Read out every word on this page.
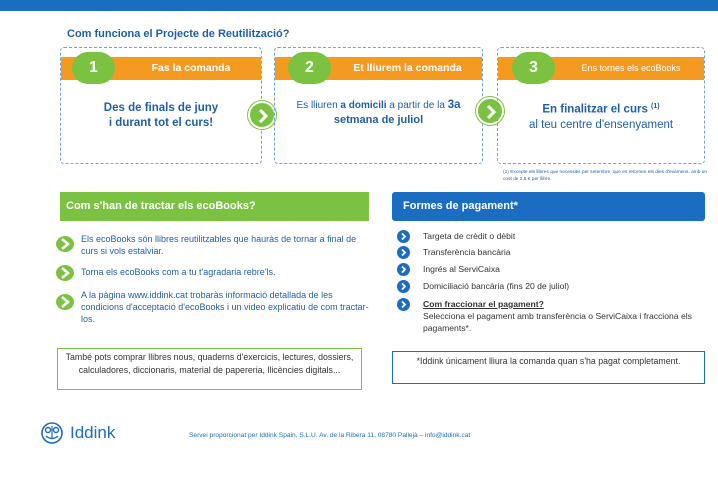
Com funciona el Projecte de Reutilització?
Fas la comanda
1
Des de finals de juny
i durant tot el curs!
Et lliurem la comanda
2
Es lliuren a domicili a partir de la 3a
setmana de juliol
Ens tornes els ecoBooks
3
En finalitzar el curs $^{(1)}$
al teu centre d'ensenyament
(1) Excepte els llibres que necessitis per setembre, que es retornen els dies d'exàmens, amb un cost de 2,5 € per llibre.
Com s'han de tractar els ecoBooks?
Els ecoBooks són llibres reutilitzables que hauràs de tornar a final de curs si vols estalviar.
Torna els ecoBooks com a tu t'agradaria rebre'ls.
A la pàgina www.iddink.cat trobaràs informació detallada de les condicions d'acceptació d'ecoBooks i un video explicatiu de com tractar-los.
També pots comprar llibres nous, quaderns d'exercicis, lectures, dossiers, calculadores, diccionaris, material de papereria, llicències digitals...
Formes de pagament*
Targeta de crèdit o dèbit
Transferència bancària
Ingrés al ServiCaixa
Domiciliació bancària (fins 20 de juliol)
Com fraccionar el pagament?
Selecciona el pagament amb transferència o ServiCaixa i fracciona els pagaments*.
*Iddink únicament lliura la comanda quan s'ha pagat completament.
Iddink	Servei proporcionat per Iddink Spain, S.L.U. Av. de la Ribera 11, 08780 Pallejà – info@iddink.cat
